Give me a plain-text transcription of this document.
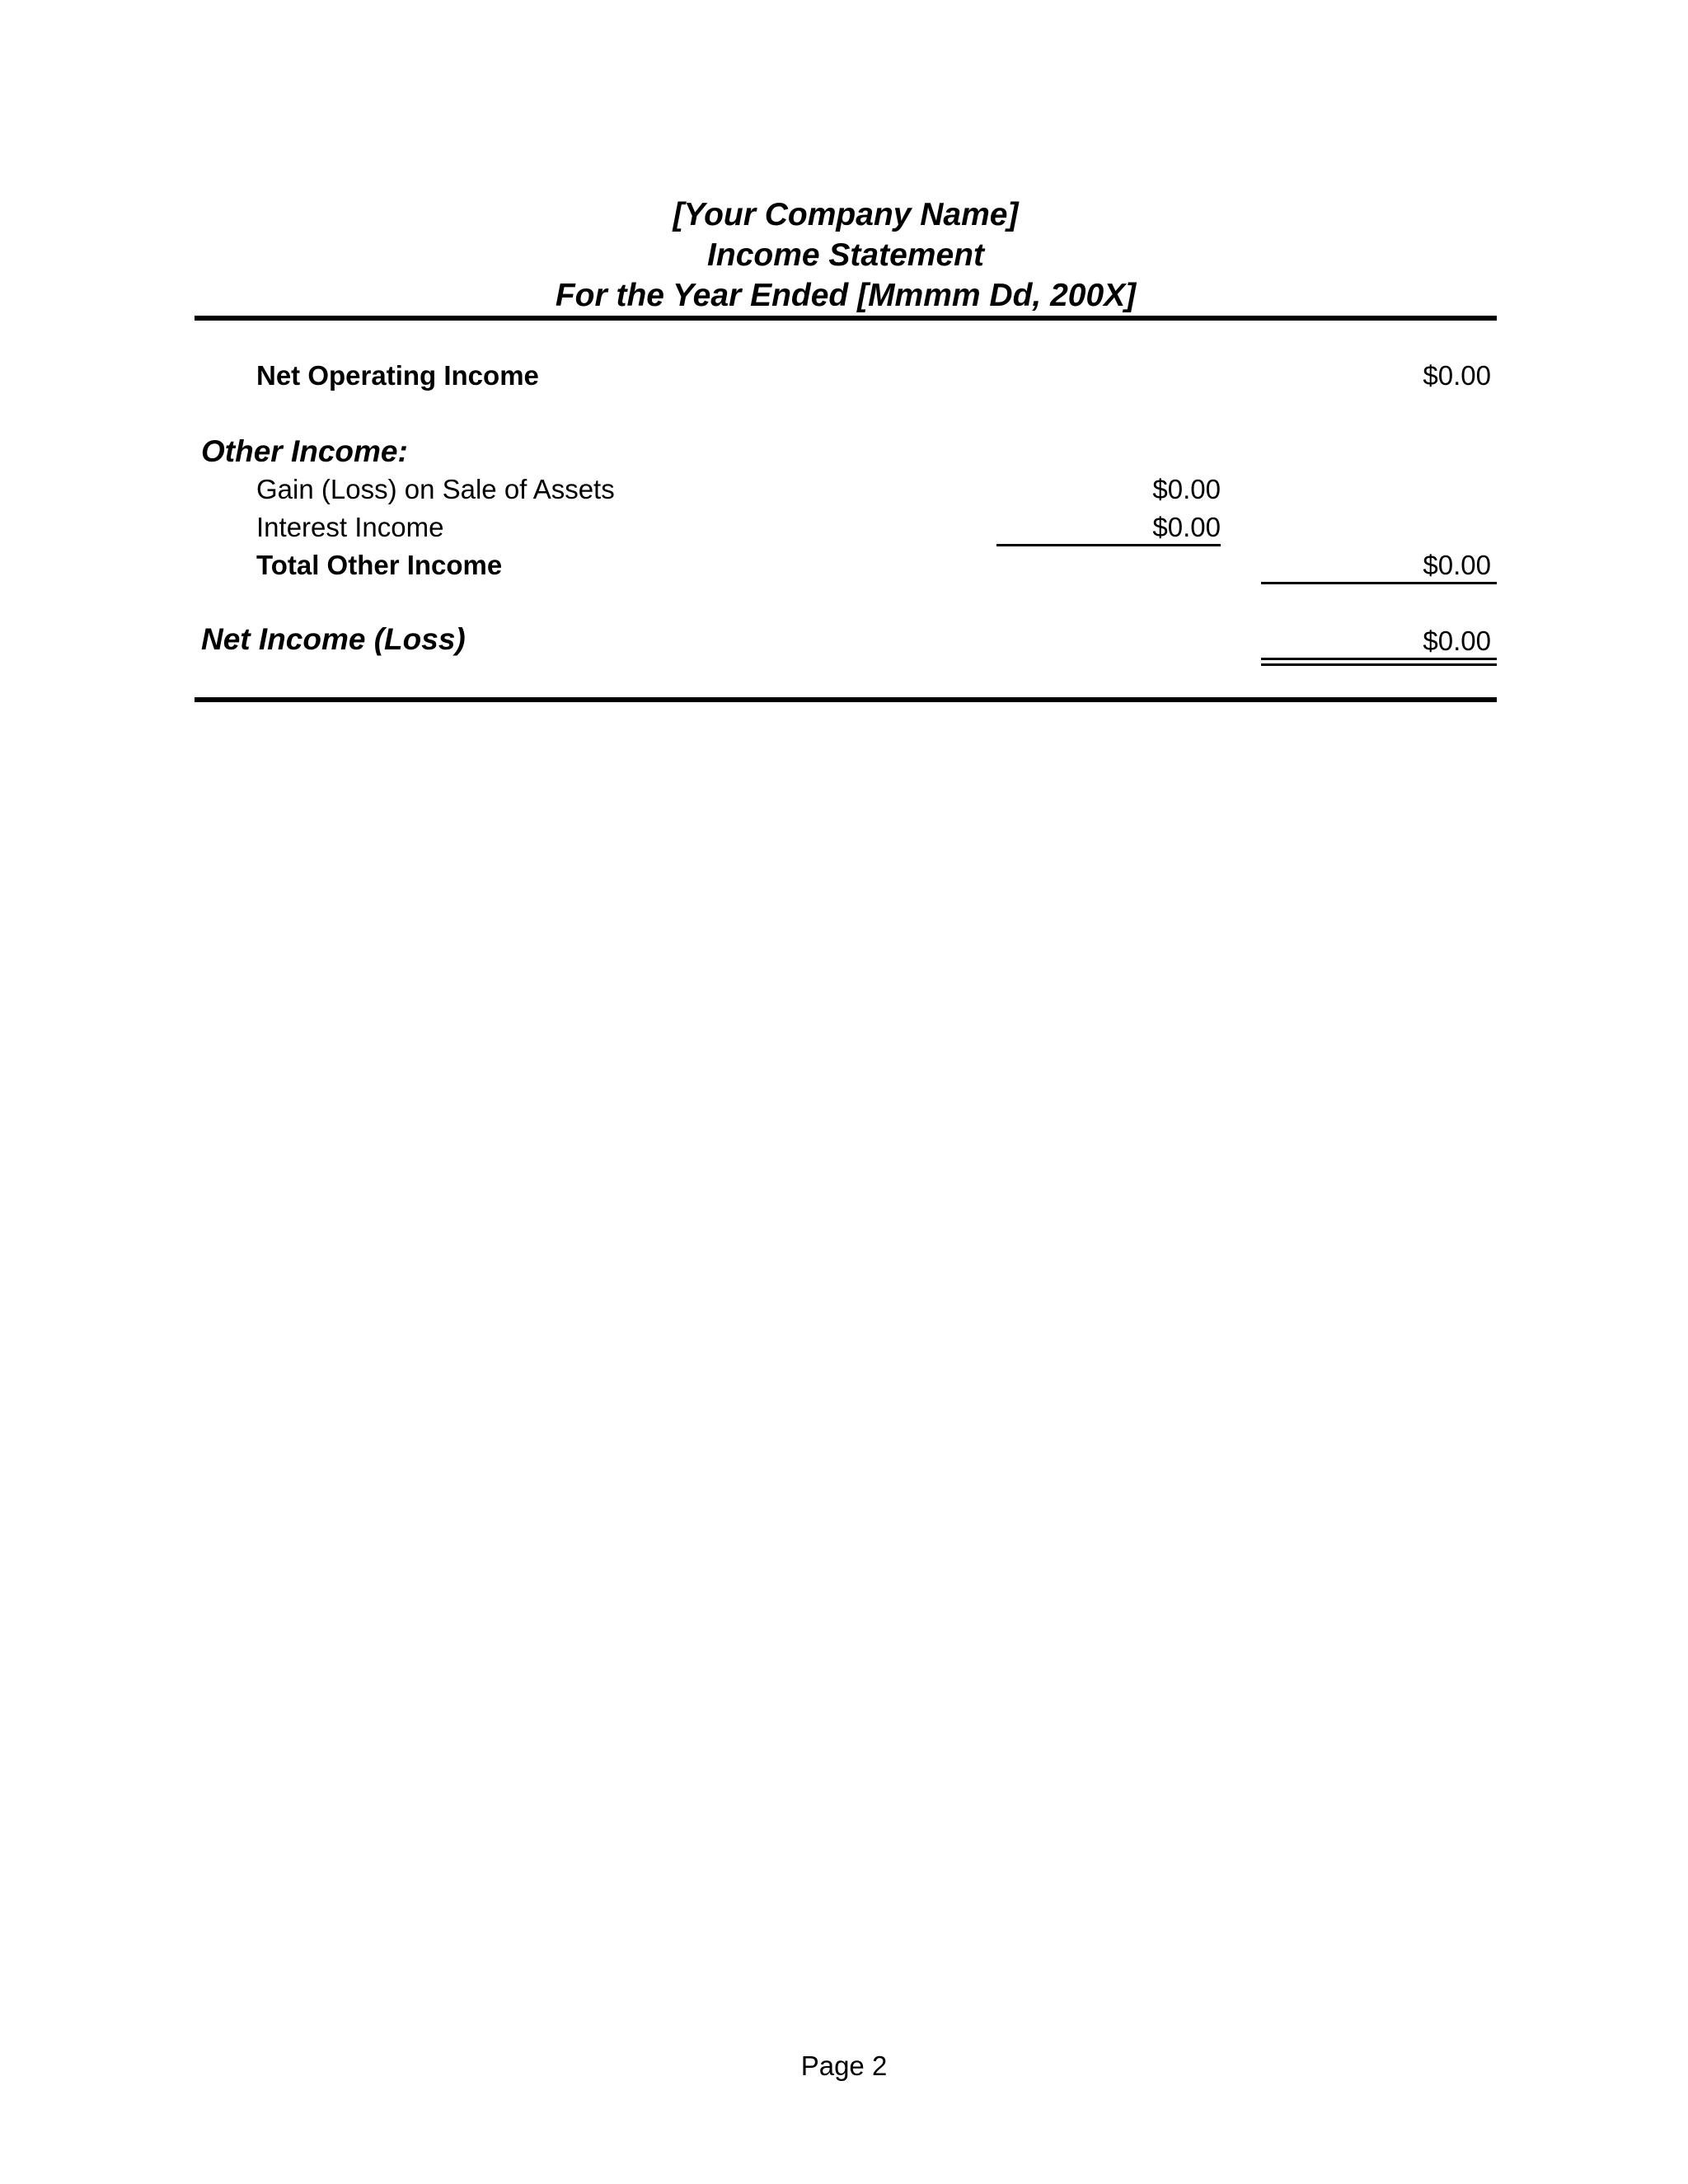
[Your Company Name]
Income Statement
For the Year Ended [Mmmm Dd, 200X]
Net Operating Income	$0.00
Other Income:
Gain (Loss) on Sale of Assets	$0.00
Interest Income	$0.00
Total Other Income	$0.00
Net Income (Loss)	$0.00
Page 2
